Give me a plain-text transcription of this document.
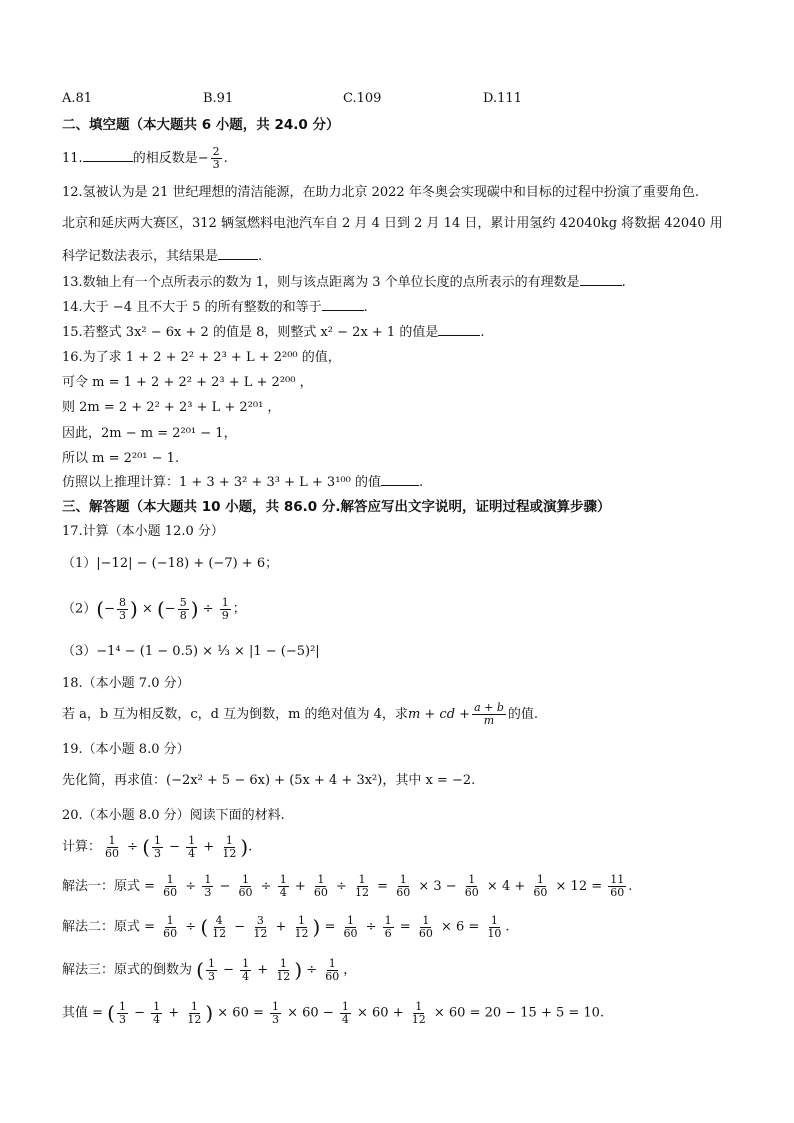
A.81	B.91	C.109	D.111
二、填空题（本大题共 6 小题，共 24.0 分）
11.	的相反数是− $\frac{2}{3}$ .
12.氢被认为是 21 世纪理想的清洁能源，在助力北京 2022 年冬奥会实现碳中和目标的过程中扮演了重要角色.
北京和延庆两大赛区，312 辆氢燃料电池汽车自 2 月 4 日到 2 月 14 日，累计用氢约 42040kg 将数据 42040 用
科学记数法表示，其结果是	.
13.数轴上有一个点所表示的数为 1，则与该点距离为 3 个单位长度的点所表示的有理数是	.
14.大于 −4 且不大于 5 的所有整数的和等于	.
15.若整式 3x² − 6x + 2 的值是 8，则整式 x² − 2x + 1 的值是	.
16.为了求 1 + 2 + 2² + 2³ + L + 2²⁰⁰ 的值，
可令 m = 1 + 2 + 2² + 2³ + L + 2²⁰⁰ ，
则 2m = 2 + 2² + 2³ + L + 2²⁰¹ ，
因此，2m − m = 2²⁰¹ − 1，
所以 m = 2²⁰¹ − 1.
仿照以上推理计算：1 + 3 + 3² + 3³ + L + 3¹⁰⁰ 的值	.
三、解答题（本大题共 10 小题，共 86.0 分.解答应写出文字说明，证明过程或演算步骤）
17.计算（本小题 12.0 分）
（1）|−12| − (−18) + (−7) + 6；
$(2)(- \frac{8}{3}$ ) × (− $\frac{5}{8}$ ) ÷ $\frac{1}{9}$ ；
（3）−1⁴ − (1 − 0.5) × ⅓ × |1 − (−5)²|
18.（本小题 7.0 分）
若 a，b 互为相反数，c，d 互为倒数，m 的绝对值为 4，求m + cd + $\frac{a + b}{m}$ 的值.
19.（本小题 8.0 分）
先化简，再求值：(−2x² + 5 − 6x) + (5x + 4 + 3x²)，其中 x = −2.
20.（本小题 8.0 分）阅读下面的材料.
计算： $\frac{1}{60}$ ÷ ( $\frac{1}{3} - \frac{1}{4} + \frac{1}{12}$ ).
解法一：原式 = $\frac{1}{60} \div \frac{1}{3} - \frac{1}{60} \div \frac{1}{4} + \frac{1}{60} \div \frac{1}{12} = \frac{1}{60} \times 3 - \frac{1}{60} \times 4 + \frac{1}{60} \times 12 = \frac{11}{60}$ .
解法二：原式 = $\frac{1}{60}$ ÷ ( $\frac{4}{12} - \frac{3}{12} + \frac{1}{12}$ ) = $\frac{1}{60} \div \frac{1}{6} = \frac{1}{60} \times 6 = \frac{1}{10}$ .
解法三：原式的倒数为 ( $\frac{1}{3} - \frac{1}{4} + \frac{1}{12}$ ) ÷ $\frac{1}{60}$ ，
其值 = ( $\frac{1}{3} - \frac{1}{4} + \frac{1}{12}$ ) × $60 = \frac{1}{3} \times 60 - \frac{1}{4} \times 60 + \frac{1}{12} \times 60 = 20 - 15 + 5 = 10$.
